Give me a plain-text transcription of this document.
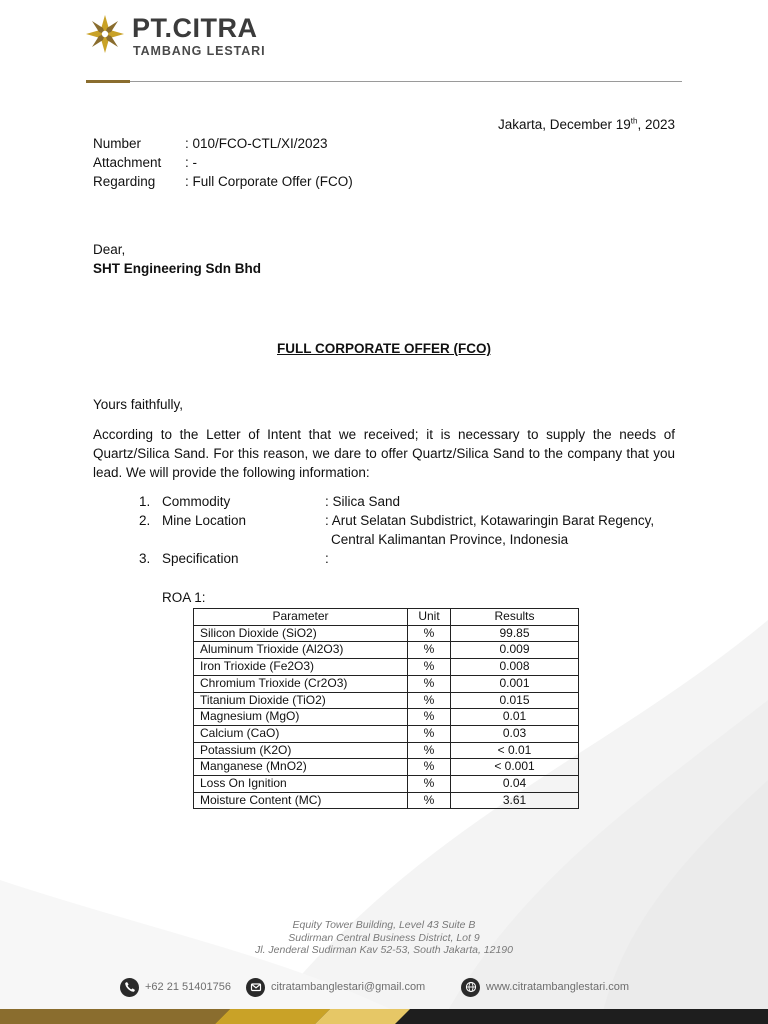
PT.CITRA
TAMBANG LESTARI
Jakarta, December 19th, 2023
Number	: 010/FCO-CTL/XI/2023
Attachment : -
Regarding : Full Corporate Offer (FCO)
Dear,
SHT Engineering Sdn Bhd
FULL CORPORATE OFFER (FCO)
Yours faithfully,
According to the Letter of Intent that we received; it is necessary to supply the needs of Quartz/Silica Sand. For this reason, we dare to offer Quartz/Silica Sand to the company that you lead. We will provide the following information:
1. Commodity	: Silica Sand
2. Mine Location	: Arut Selatan Subdistrict, Kotawaringin Barat Regency,
Central Kalimantan Province, Indonesia
3. Specification	:
ROA 1:
Parameter	Unit	Results
Silicon Dioxide (SiO2)	%	99.85
Aluminum Trioxide (Al2O3)	%	0.009
Iron Trioxide (Fe2O3)	%	0.008
Chromium Trioxide (Cr2O3)	%	0.001
Titanium Dioxide (TiO2)	%	0.015
Magnesium (MgO)	%	0.01
Calcium (CaO)	%	0.03
Potassium (K2O)	%	< 0.01
Manganese (MnO2)	%	< 0.001
Loss On Ignition	%	0.04
Moisture Content (MC)	%	3.61
Equity Tower Building, Level 43 Suite B
Sudirman Central Business District, Lot 9
Jl. Jenderal Sudirman Kav 52-53, South Jakarta, 12190
+62 21 51401756	citratambanglestari@gmail.com	www.citratambanglestari.com
